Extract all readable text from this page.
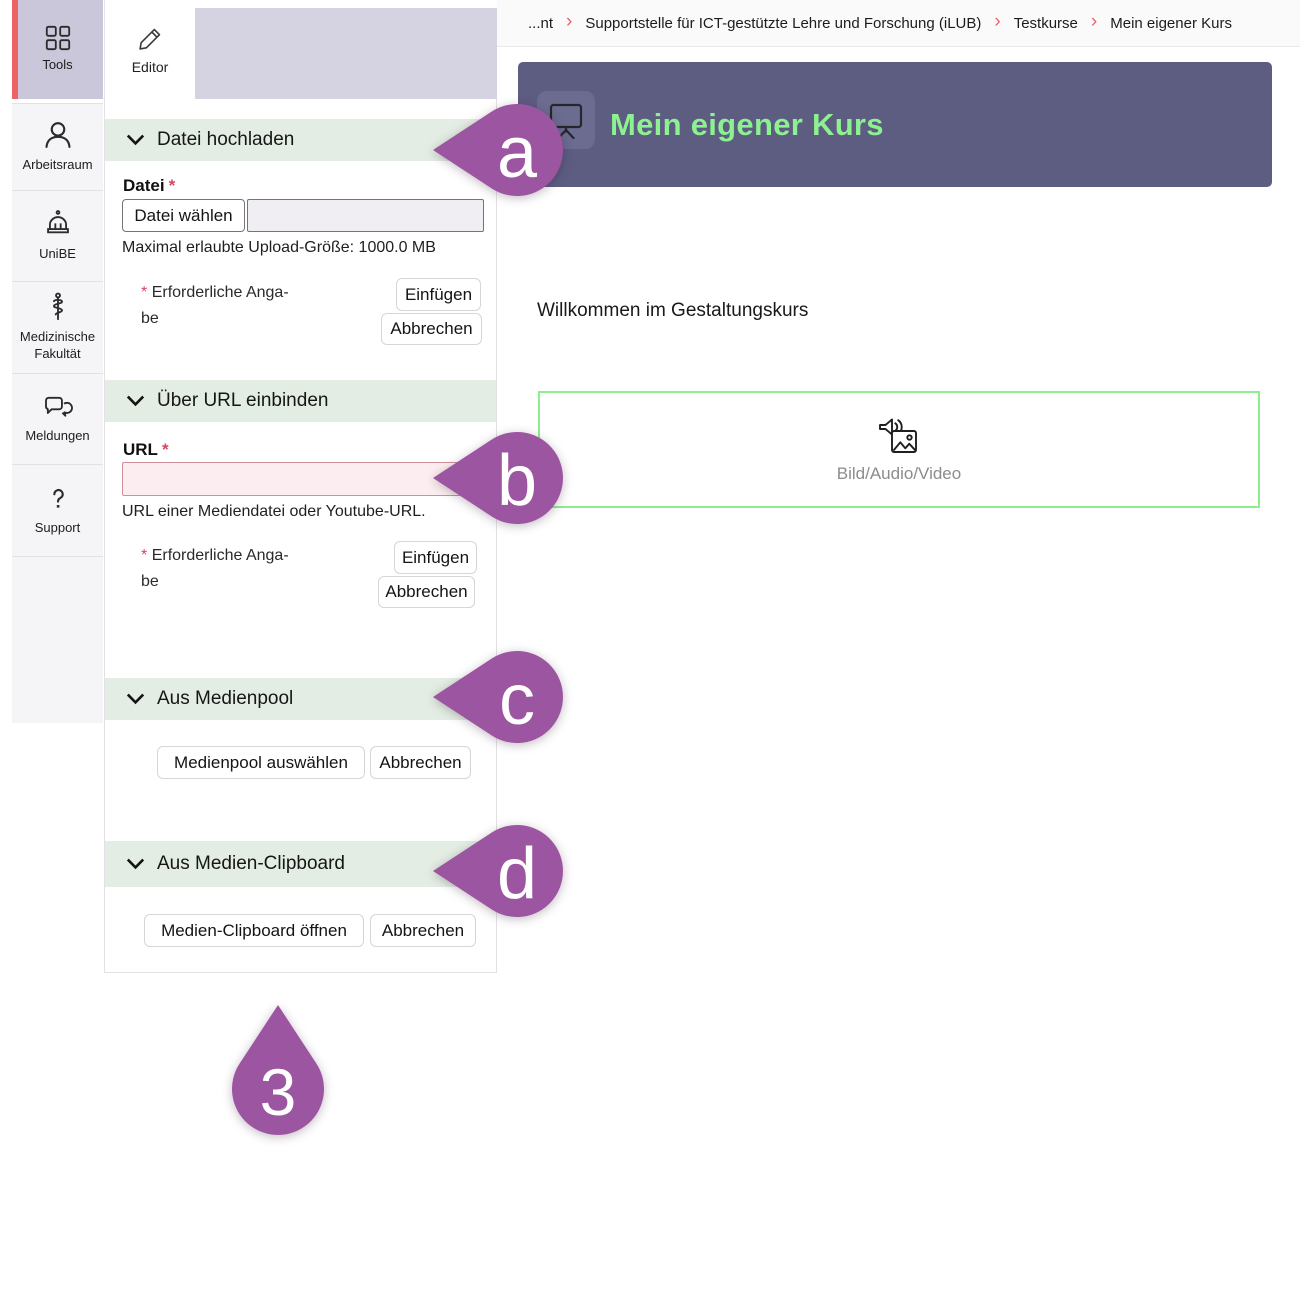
Tools
Arbeitsraum
UniBE
Medizinische Fakultät
Meldungen
Support
Editor
Datei hochladen
Datei *
Datei wählen
Maximal erlaubte Upload-Größe: 1000.0 MB
* Erforderliche Anga-
be
Einfügen
Abbrechen
Über URL einbinden
URL *
URL einer Mediendatei oder Youtube-URL.
* Erforderliche Anga-
be
Einfügen
Abbrechen
Aus Medienpool
Medienpool auswählen	Abbrechen
Aus Medien-Clipboard
Medien-Clipboard öffnen	Abbrechen
...nt › Supportstelle für ICT-gestützte Lehre und Forschung (iLUB) › Testkurse › Mein eigener Kurs
Mein eigener Kurs
Willkommen im Gestaltungskurs
Bild/Audio/Video
a
b
c
d
3
